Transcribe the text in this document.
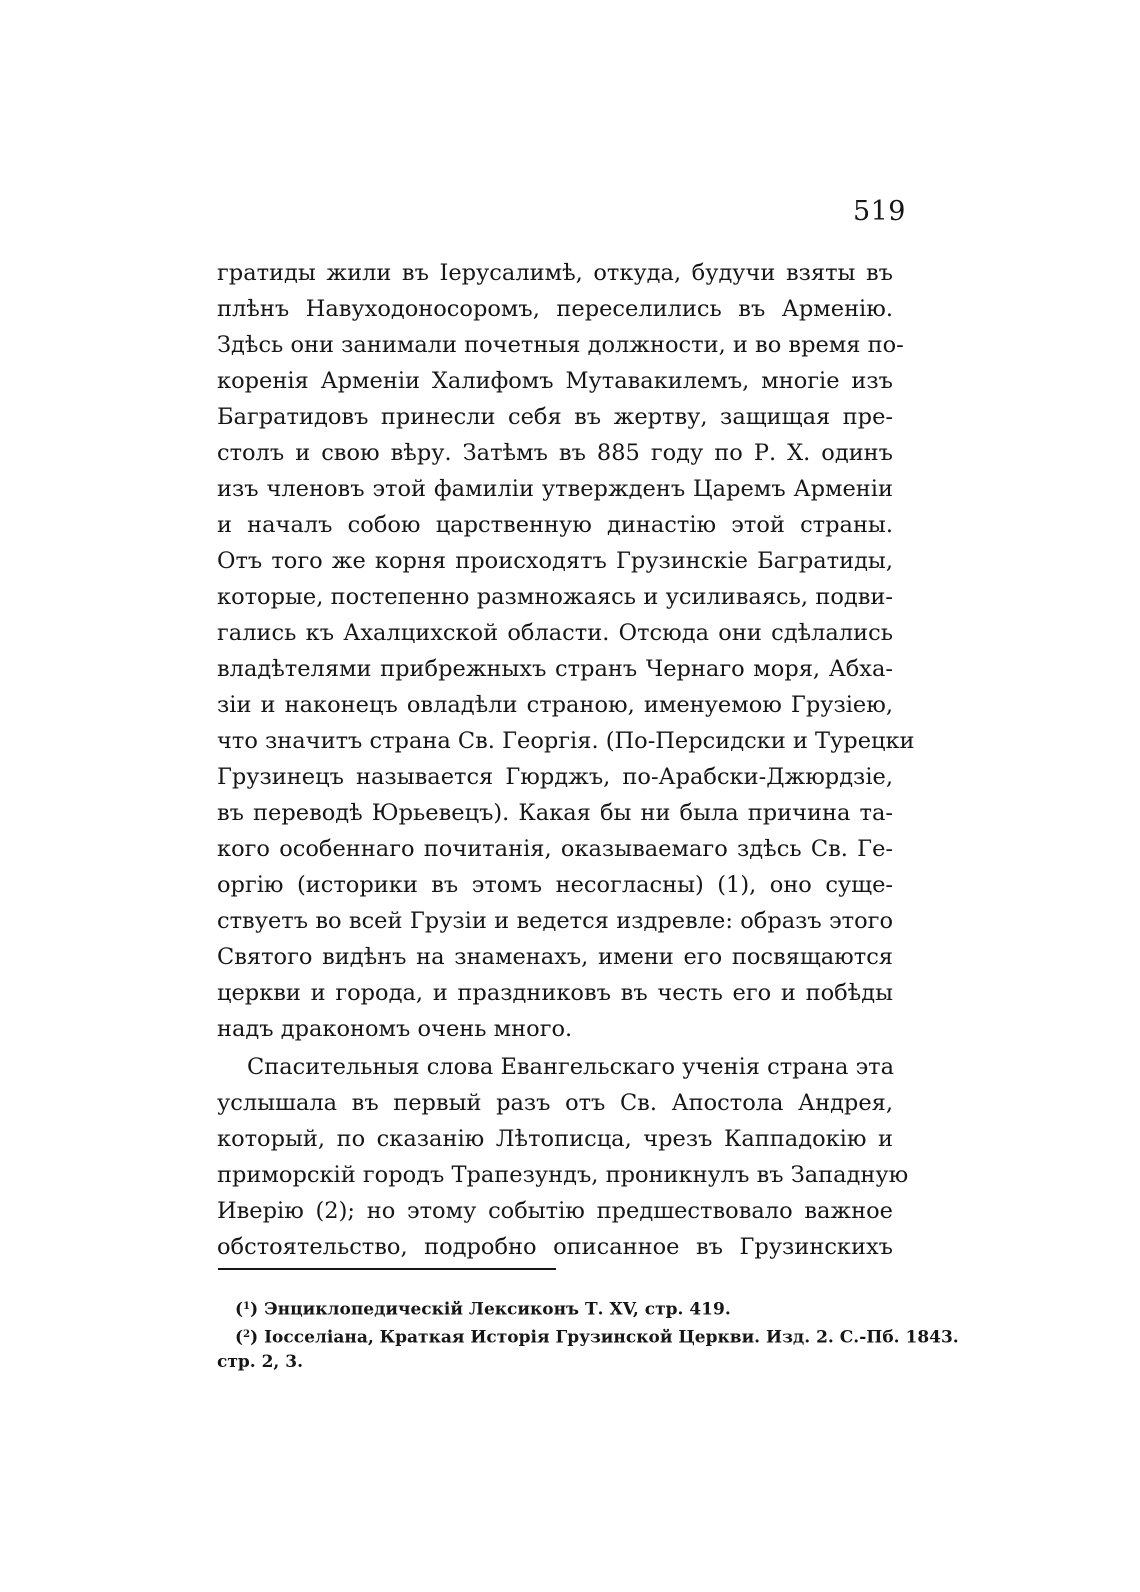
519
гратиды жили въ Іерусалимѣ, откуда, будучи взяты въ
плѣнъ Навуходоносоромъ, переселились въ Арменію.
Здѣсь они занимали почетныя должности, и во время по-
коренія Арменіи Халифомъ Мутавакилемъ, многіе изъ
Багратидовъ принесли себя въ жертву, защищая пре-
столъ и свою вѣру. Затѣмъ въ 885 году по Р. Х. одинъ
изъ членовъ этой фамиліи утвержденъ Царемъ Арменіи
и началъ собою царственную династію этой страны.
Отъ того же корня происходятъ Грузинскіе Багратиды,
которые, постепенно размножаясь и усиливаясь, подви-
гались къ Ахалцихской области. Отсюда они сдѣлались
владѣтелями прибрежныхъ странъ Чернаго моря, Абха-
зіи и наконецъ овладѣли страною, именуемою Грузіею,
что значитъ страна Св. Георгія. (По-Персидски и Турецки
Грузинецъ называется Гюрджъ, по-Арабски-Джюрдзіе,
въ переводѣ Юрьевецъ). Какая бы ни была причина та-
кого особеннаго почитанія, оказываемаго здѣсь Св. Ге-
оргію (историки въ этомъ несогласны) (1), оно суще-
ствуетъ во всей Грузіи и ведется издревле: образъ этого
Святого видѣнъ на знаменахъ, имени его посвящаются
церкви и города, и праздниковъ въ честь его и побѣды
надъ дракономъ очень много.
Спасительныя слова Евангельскаго ученія страна эта
услышала въ первый разъ отъ Св. Апостола Андрея,
который, по сказанію Лѣтописца, чрезъ Каппадокію и
приморскій городъ Трапезундъ, проникнулъ въ Западную
Иверію (2); но этому событію предшествовало важное
обстоятельство, подробно описанное въ Грузинскихъ
($^1$) Энциклопедическій Лексиконъ Т. XV, стр. 419.
($^2$) Іосселіана, Краткая Исторія Грузинской Церкви. Изд. 2. С.-Пб. 1843.
стр. 2, 3.
